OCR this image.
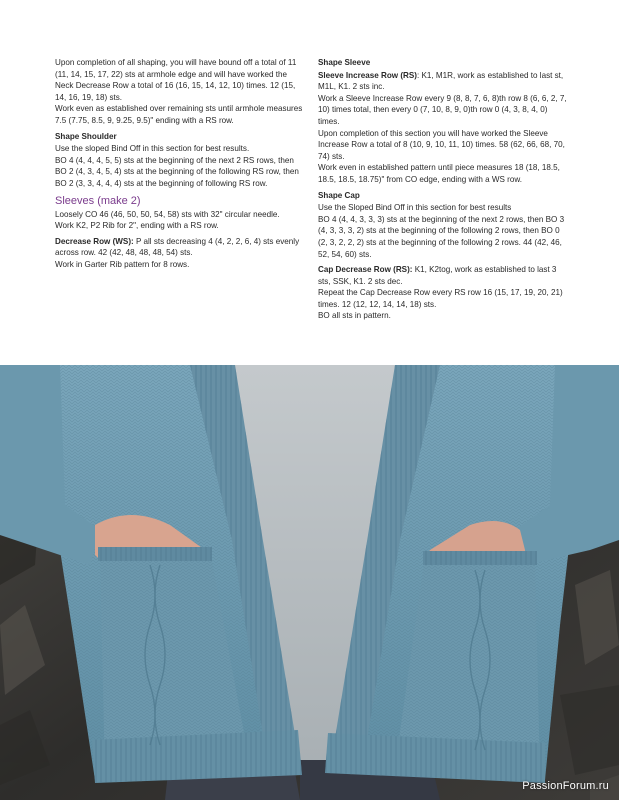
Upon completion of all shaping, you will have bound off a total of 11 (11, 14, 15, 17, 22) sts at armhole edge and will have worked the Neck Decrease Row a total of 16 (16, 15, 14, 12, 10) times. 12 (15, 14, 16, 19, 18) sts.

Work even as established over remaining sts until armhole measures 7.5 (7.75, 8.5, 9, 9.25, 9.5)" ending with a RS row.

Shape Shoulder

Use the sloped Bind Off in this section for best results.

BO 4 (4, 4, 4, 5, 5) sts at the beginning of the next 2 RS rows, then BO 2 (4, 3, 4, 5, 4) sts at the beginning of the following RS row, then BO 2 (3, 3, 4, 4, 4) sts at the beginning of following RS row.

Sleeves (make 2)

Loosely CO 46 (46, 50, 50, 54, 58) sts with 32" circular needle.

Work K2, P2 Rib for 2", ending with a RS row.

Decrease Row (WS): P all sts decreasing 4 (4, 2, 2, 6, 4) sts evenly across row. 42 (42, 48, 48, 48, 54) sts.

Work in Garter Rib pattern for 8 rows.

Shape Sleeve

Sleeve Increase Row (RS): K1, M1R, work as established to last st, M1L, K1. 2 sts inc.

Work a Sleeve Increase Row every 9 (8, 8, 7, 6, 8)th row 8 (6, 6, 2, 7, 10) times total, then every 0 (7, 10, 8, 9, 0)th row 0 (4, 3, 8, 4, 0) times.

Upon completion of this section you will have worked the Sleeve Increase Row a total of 8 (10, 9, 10, 11, 10) times. 58 (62, 66, 68, 70, 74) sts.

Work even in established pattern until piece measures 18 (18, 18.5, 18.5, 18.5, 18.75)" from CO edge, ending with a WS row.

Shape Cap

Use the Sloped Bind Off in this section for best results

BO 4 (4, 4, 3, 3, 3) sts at the beginning of the next 2 rows, then BO 3 (4, 3, 3, 3, 2) sts at the beginning of the following 2 rows, then BO 0 (2, 3, 2, 2, 2) sts at the beginning of the following 2 rows. 44 (42, 46, 52, 54, 60) sts.

Cap Decrease Row (RS): K1, K2tog, work as established to last 3 sts, SSK, K1. 2 sts dec.

Repeat the Cap Decrease Row every RS row 16 (15, 17, 19, 20, 21) times. 12 (12, 12, 14, 14, 18) sts.

BO all sts in pattern.

PassionForum.ru
